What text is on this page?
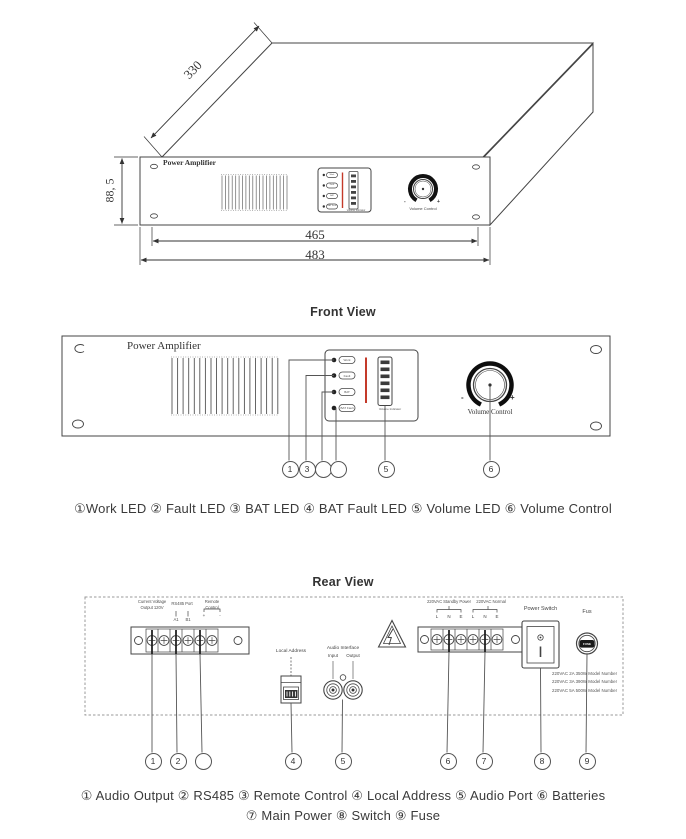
Power Amplifier
Work
Fault
BAT
BAT Fault
Volume Indicator
-	+
Volume Control
330
88, 5
465
483
Front View
Power Amplifier
Work
Fault
BAT
BAT Fault	Volume Indicator
-	+
Volume Control
1	3	5	6
①Work LED ② Fault LED ③ BAT LED ④ BAT Fault LED ⑤ Volume LED ⑥ Volume Control
Rear View
Current Voltage
Output 120V
RS485 Port
A1	B1
Remote
Control
+	-
220VAC Standby Power	220VAC Normal
L	N	E	L	N	E
Local Address
Audio Interface
Input	Output
Power Switch	Fus
FUSE
220VAC 2A 350W Model Number
220VAC 3A 390W Model Number
220VAC 5A 500W Model Number
1	2	4	5	6	7	8	9
① Audio Output ② RS485 ③ Remote Control ④ Local Address ⑤ Audio Port ⑥ Batteries
⑦ Main Power ⑧ Switch ⑨ Fuse
